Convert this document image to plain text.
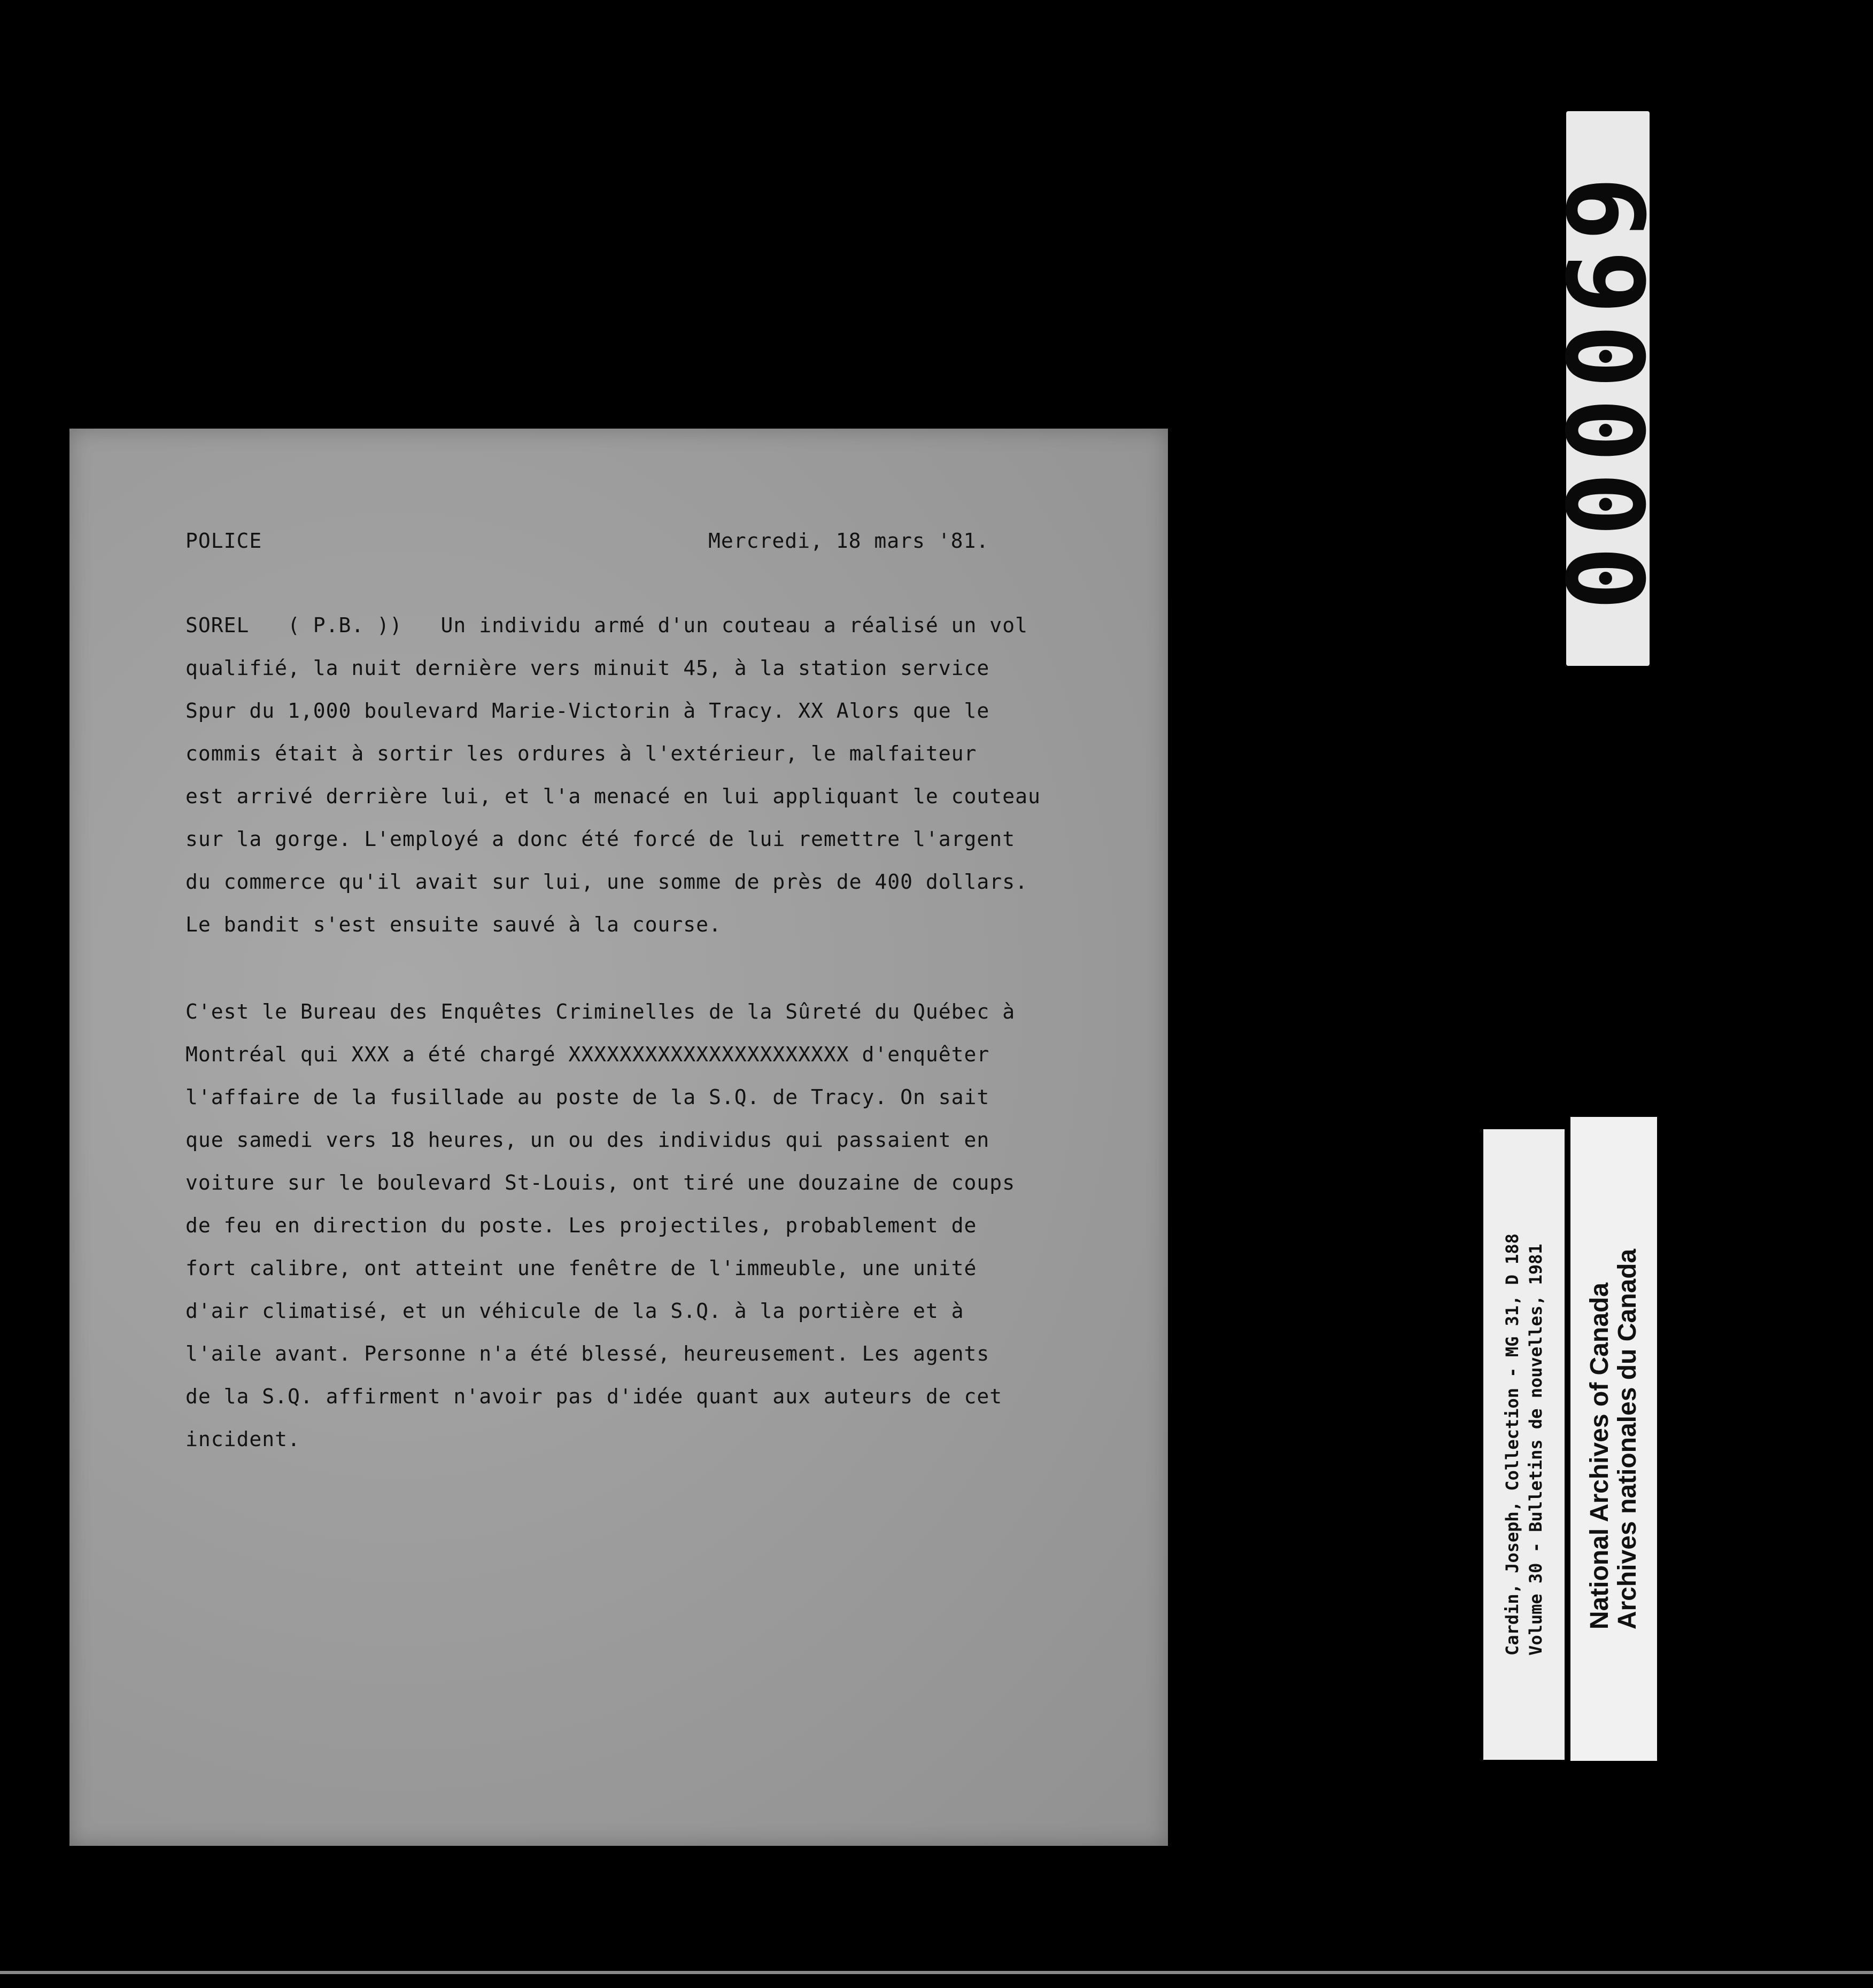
POLICE	Mercredi, 18 mars '81.
SOREL   ( P.B. ))   Un individu armé d'un couteau a réalisé un vol
qualifié, la nuit dernière vers minuit 45, à la station service
Spur du 1,000 boulevard Marie-Victorin à Tracy. XX Alors que le
commis était à sortir les ordures à l'extérieur, le malfaiteur
est arrivé derrière lui, et l'a menacé en lui appliquant le couteau
sur la gorge. L'employé a donc été forcé de lui remettre l'argent
du commerce qu'il avait sur lui, une somme de près de 400 dollars.
Le bandit s'est ensuite sauvé à la course.
C'est le Bureau des Enquêtes Criminelles de la Sûreté du Québec à
Montréal qui XXX a été chargé XXXXXXXXXXXXXXXXXXXXXX d'enquêter
l'affaire de la fusillade au poste de la S.Q. de Tracy. On sait
que samedi vers 18 heures, un ou des individus qui passaient en
voiture sur le boulevard St-Louis, ont tiré une douzaine de coups
de feu en direction du poste. Les projectiles, probablement de
fort calibre, ont atteint une fenêtre de l'immeuble, une unité
d'air climatisé, et un véhicule de la S.Q. à la portière et à
l'aile avant. Personne n'a été blessé, heureusement. Les agents
de la S.Q. affirment n'avoir pas d'idée quant aux auteurs de cet
incident.
000069
Cardin, Joseph, Collection - MG 31, D 188 Volume 30 - Bulletins de nouvelles, 1981 National Archives of Canada Archives nationales du Canada
